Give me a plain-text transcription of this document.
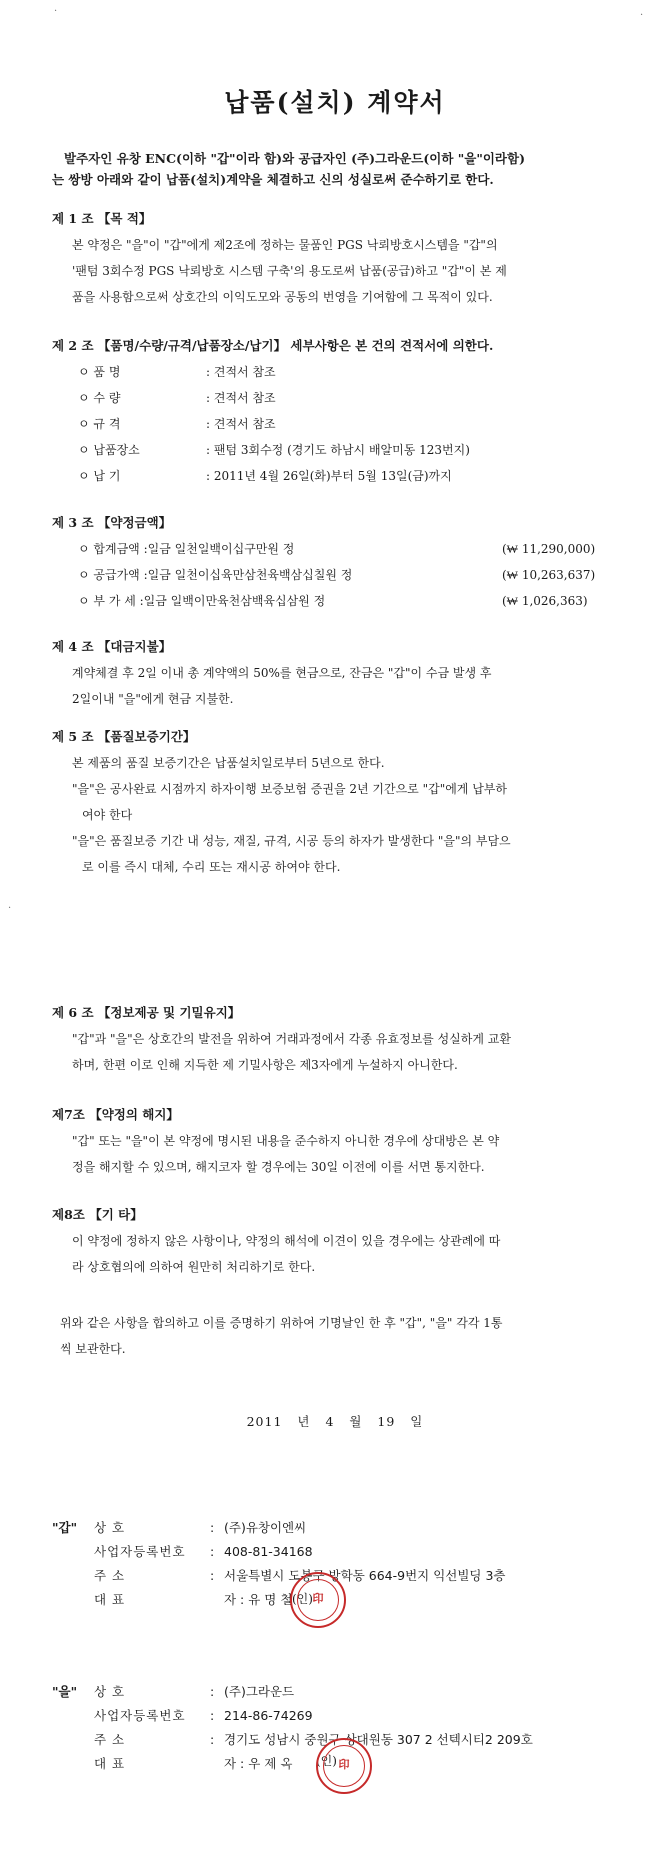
·	·
·
납품(설치) 계약서

발주자인 유창 ENC(이하 "갑"이라 함)와 공급자인 (주)그라운드(이하 "을"이라함)

는 쌍방 아래와 같이 납품(설치)계약을 체결하고 신의 성실로써 준수하기로 한다.

제 1 조 【목 적】

본 약정은 "을"이 "갑"에게 제2조에 정하는 물품인 PGS 낙뢰방호시스템을 "갑"의

'팬텀 3회수정 PGS 낙뢰방호 시스템 구축'의 용도로써 납품(공급)하고 "갑"이 본 제

품을 사용함으로써 상호간의 이익도모와 공동의 번영을 기여함에 그 목적이 있다.

제 2 조 【품명/수량/규격/납품장소/납기】 세부사항은 본 건의 견적서에 의한다.

ㅇ 품 명	: 견적서 참조
ㅇ 수 량	: 견적서 참조
ㅇ 규 격	: 견적서 참조
ㅇ 납품장소	: 팬텀 3회수정 (경기도 하남시 배알미동 123번지)
ㅇ 납 기	: 2011년 4월 26일(화)부터 5월 13일(금)까지

제 3 조 【약정금액】

ㅇ 합계금액 : 일금 일천일백이십구만원 정	(₩ 11,290,000)
ㅇ 공급가액 : 일금 일천이십육만삼천육백삼십칠원 정	(₩ 10,263,637)
ㅇ 부 가 세 : 일금 일백이만육천삼백육십삼원 정	(₩ 1,026,363)

제 4 조 【대금지불】

계약체결 후 2일 이내 총 계약액의 50%를 현금으로, 잔금은 "갑"이 수금 발생 후

2일이내 "을"에게 현금 지불한.

제 5 조 【품질보증기간】

본 제품의 품질 보증기간은 납품설치일로부터 5년으로 한다.

"을"은 공사완료 시점까지 하자이행 보증보험 증권을 2년 기간으로 "갑"에게 납부하

여야 한다

"을"은 품질보증 기간 내 성능, 재질, 규격, 시공 등의 하자가 발생한다 "을"의 부담으

로 이를 즉시 대체, 수리 또는 재시공 하여야 한다.

제 6 조 【정보제공 및 기밀유지】

"갑"과 "을"은 상호간의 발전을 위하여 거래과정에서 각종 유효정보를 성실하게 교환

하며, 한편 이로 인해 지득한 제 기밀사항은 제3자에게 누설하지 아니한다.

제7조 【약정의 해지】

"갑" 또는 "을"이 본 약정에 명시된 내용을 준수하지 아니한 경우에 상대방은 본 약

정을 해지할 수 있으며, 해지코자 할 경우에는 30일 이전에 이를 서면 통지한다.

제8조 【기 타】

이 약정에 정하지 않은 사항이나, 약정의 해석에 이견이 있을 경우에는 상관례에 따

라 상호협의에 의하여 원만히 처리하기로 한다.

위와 같은 사항을 합의하고 이를 증명하기 위하여 기명날인 한 후 "갑", "을" 각각 1통

씩 보관한다.

2011 년 4 월 19 일
"갑"	상 호	: (주)유창이엔씨
사업자등록번호	: 408-81-34168
주 소	: 서울특별시 도봉구 방학동 664-9번지 익선빌딩 3층
대 표	자 : 유 명 철 (인) 印
"을"	상 호	: (주)그라운드
사업자등록번호	: 214-86-74269
주 소	: 경기도 성남시 중원구 상대원동 307 2 선텍시티2 209호
대 표	자 : 우 제 옥 (인) 印
